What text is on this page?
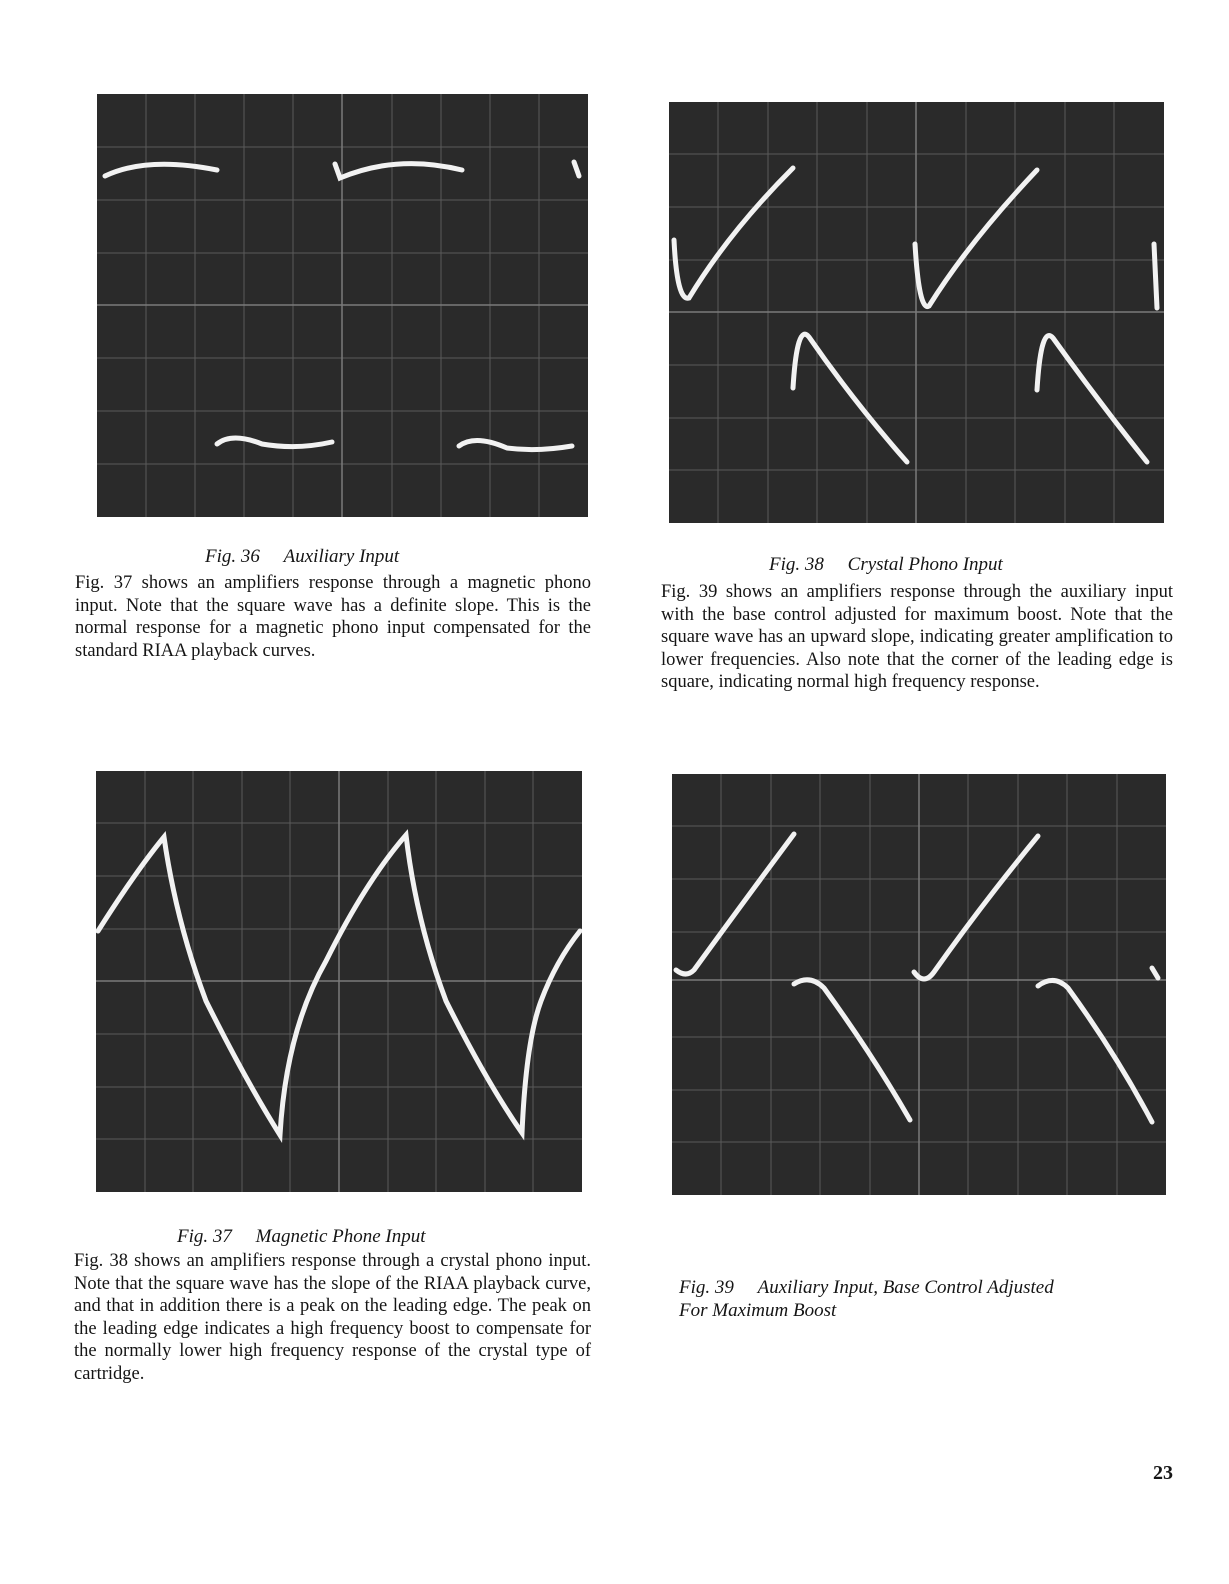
Fig. 36 Auxiliary Input

Fig. 37 shows an amplifiers response through a magnetic phono input. Note that the square wave has a definite slope. This is the normal response for a magnetic phono input compensated for the standard RIAA playback curves.

Fig. 38 Crystal Phono Input

Fig. 39 shows an amplifiers response through the auxiliary input with the base control adjusted for maximum boost. Note that the square wave has an upward slope, indicating greater amplification to lower frequencies. Also note that the corner of the leading edge is square, indicating normal high frequency response.

Fig. 37 Magnetic Phone Input

Fig. 38 shows an amplifiers response through a crystal phono input. Note that the square wave has the slope of the RIAA playback curve, and that in addition there is a peak on the leading edge. The peak on the leading edge indicates a high frequency boost to compensate for the normally lower high frequency response of the crystal type of cartridge.

Fig. 39 Auxiliary Input, Base Control Adjusted
For Maximum Boost
23
